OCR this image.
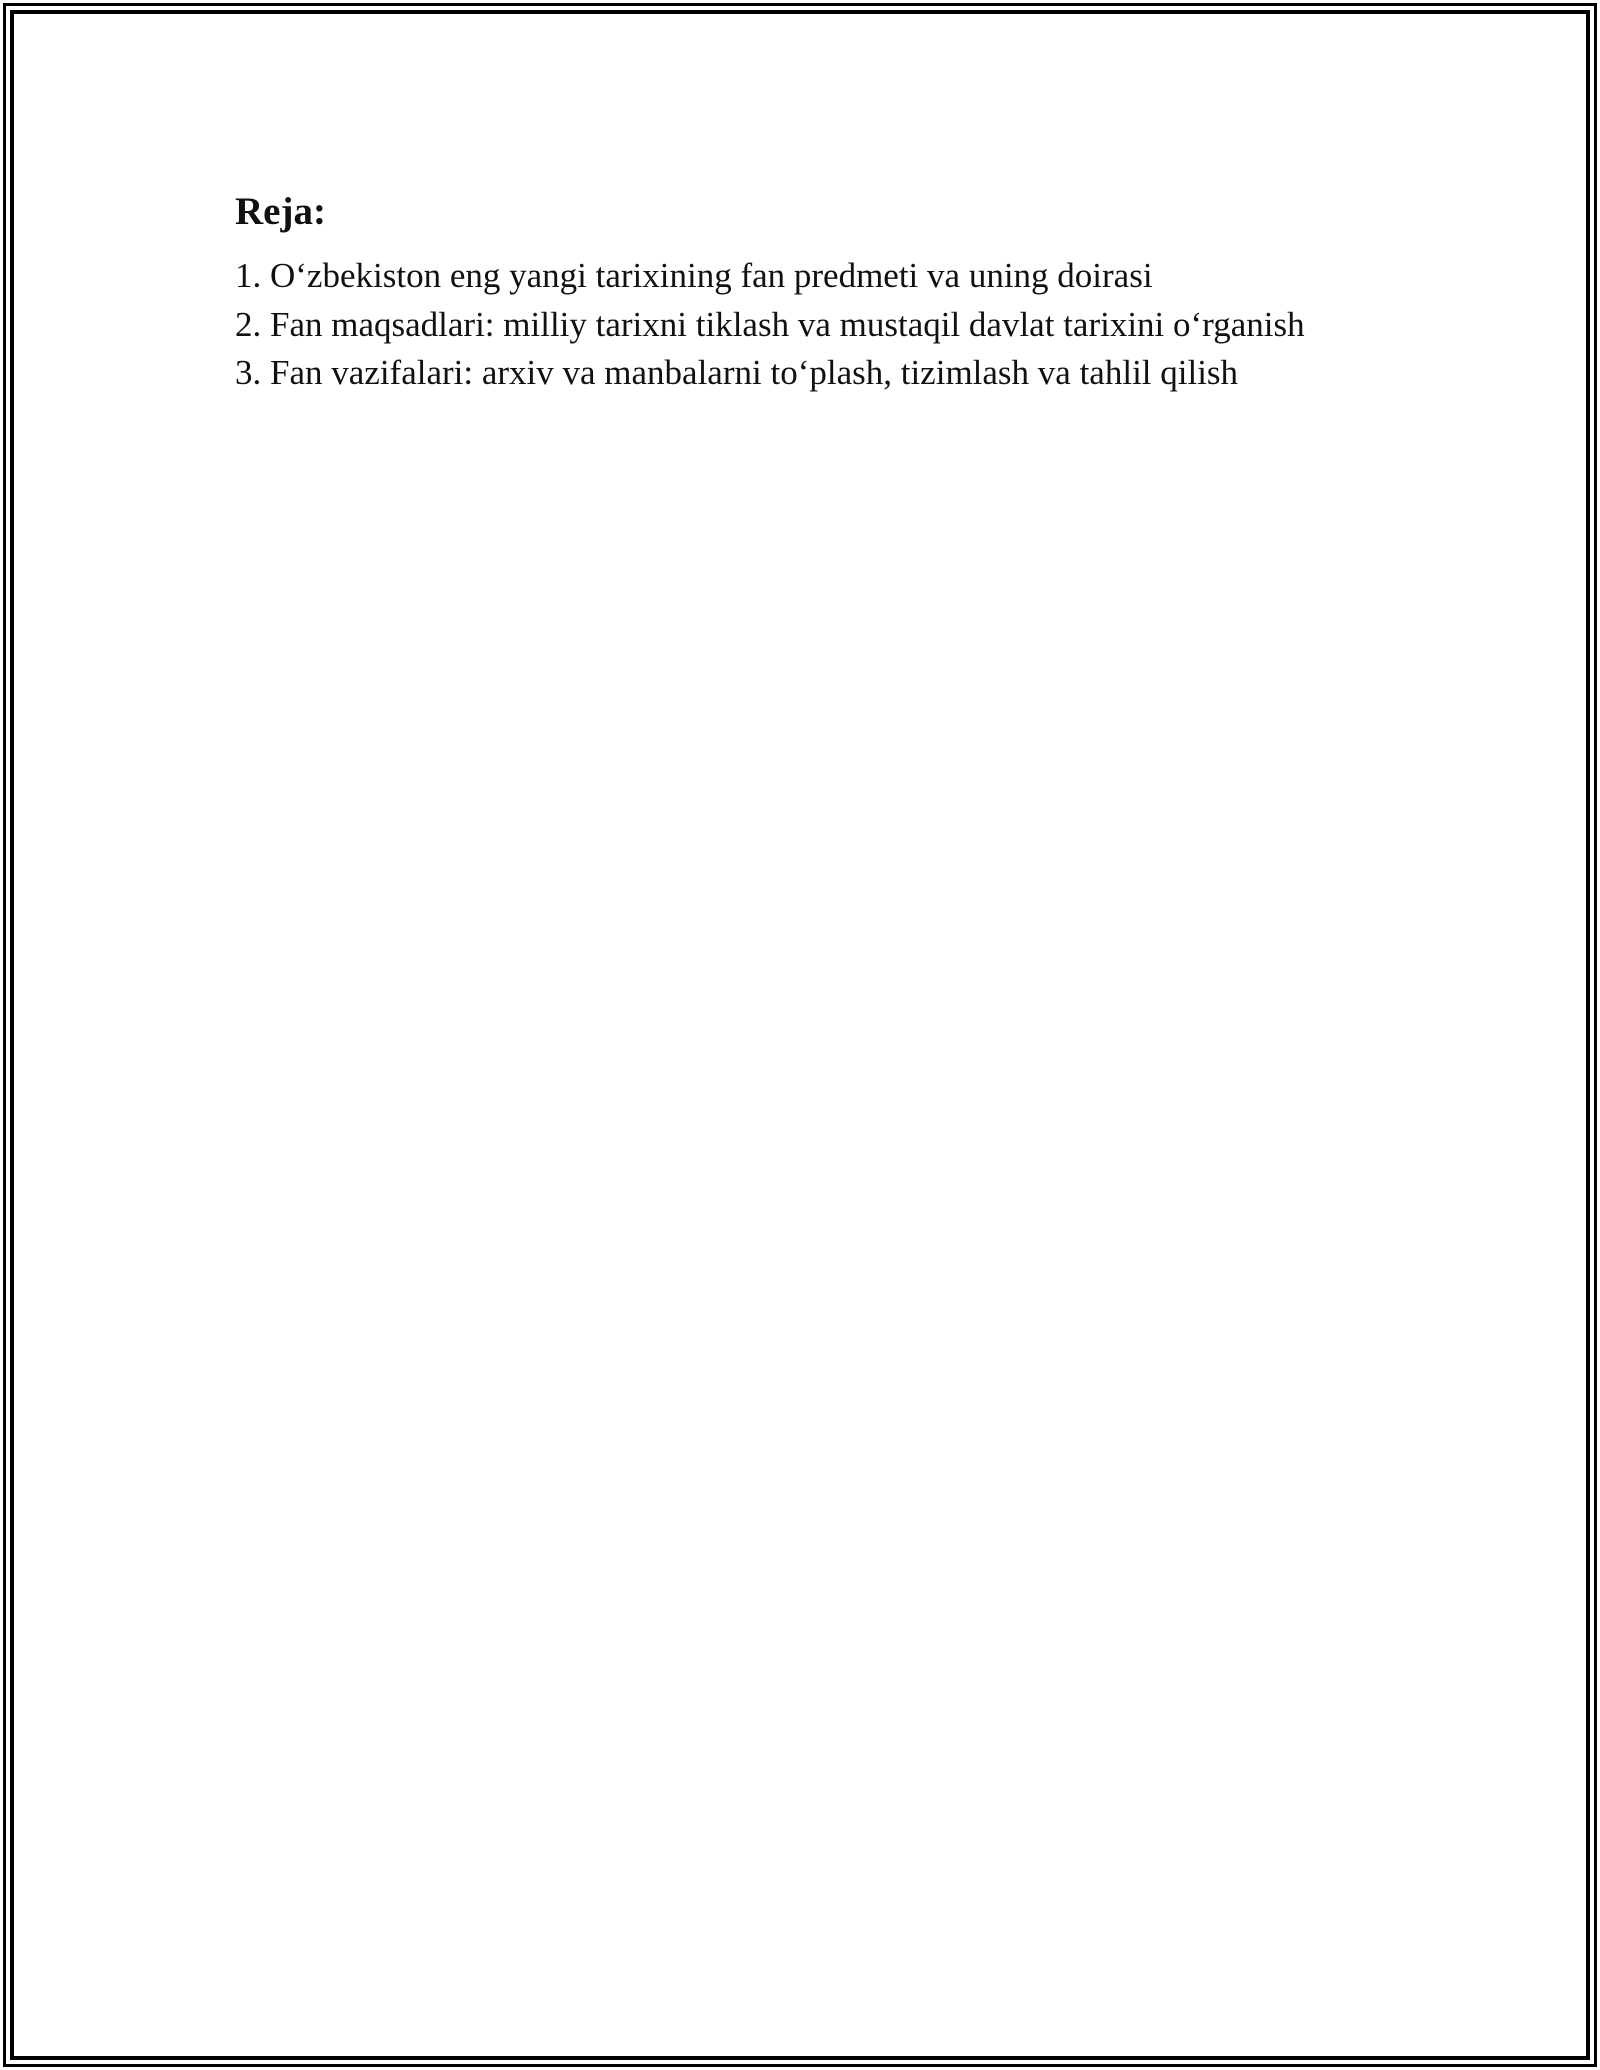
Reja:
1. O‘zbekiston eng yangi tarixining fan predmeti va uning doirasi
2. Fan maqsadlari: milliy tarixni tiklash va mustaqil davlat tarixini o‘rganish
3. Fan vazifalari: arxiv va manbalarni to‘plash, tizimlash va tahlil qilish
